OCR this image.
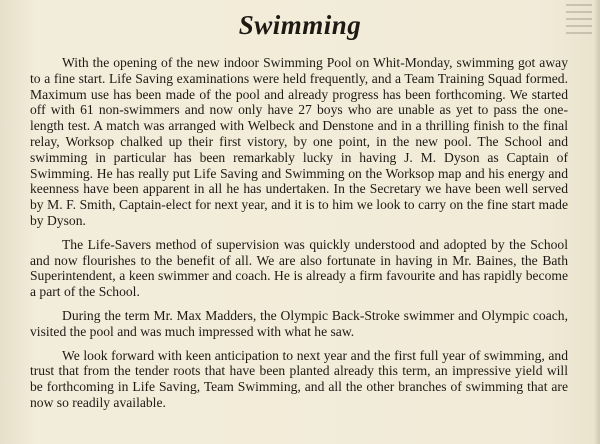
Swimming

With the opening of the new indoor Swimming Pool on Whit-Monday, swimming got away to a fine start. Life Saving examinations were held frequently, and a Team Training Squad formed. Maximum use has been made of the pool and already progress has been forthcoming. We started off with 61 non-swimmers and now only have 27 boys who are unable as yet to pass the one-length test. A match was arranged with Welbeck and Denstone and in a thrilling finish to the final relay, Worksop chalked up their first vistory, by one point, in the new pool. The School and swimming in particular has been remarkably lucky in having J. M. Dyson as Captain of Swimming. He has really put Life Saving and Swimming on the Worksop map and his energy and keenness have been apparent in all he has undertaken. In the Secretary we have been well served by M. F. Smith, Captain-elect for next year, and it is to him we look to carry on the fine start made by Dyson.

The Life-Savers method of supervision was quickly understood and adopted by the School and now flourishes to the benefit of all. We are also fortunate in having in Mr. Baines, the Bath Superintendent, a keen swimmer and coach. He is already a firm favourite and has rapidly become a part of the School.

During the term Mr. Max Madders, the Olympic Back-Stroke swimmer and Olympic coach, visited the pool and was much impressed with what he saw.

We look forward with keen anticipation to next year and the first full year of swimming, and trust that from the tender roots that have been planted already this term, an impressive yield will be forthcoming in Life Saving, Team Swimming, and all the other branches of swimming that are now so readily available.
